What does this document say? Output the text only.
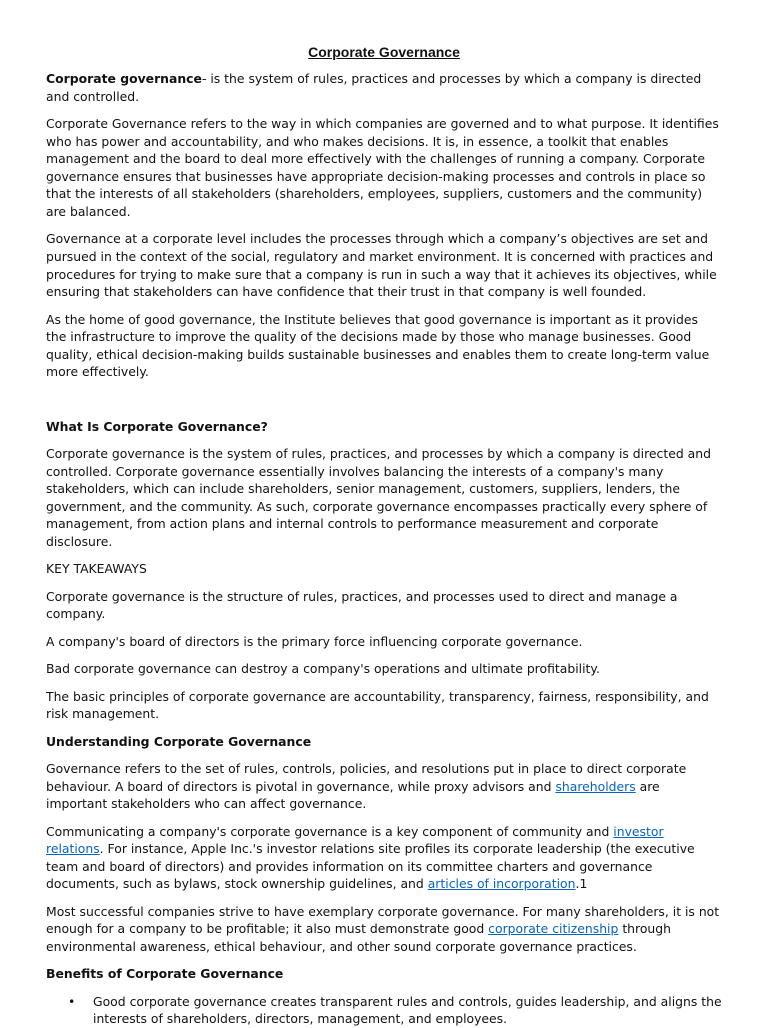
Corporate Governance

Corporate governance- is the system of rules, practices and processes by which a company is directed and controlled.

Corporate Governance refers to the way in which companies are governed and to what purpose. It identifies who has power and accountability, and who makes decisions. It is, in essence, a toolkit that enables management and the board to deal more effectively with the challenges of running a company. Corporate governance ensures that businesses have appropriate decision-making processes and controls in place so that the interests of all stakeholders (shareholders, employees, suppliers, customers and the community) are balanced.

Governance at a corporate level includes the processes through which a company’s objectives are set and pursued in the context of the social, regulatory and market environment. It is concerned with practices and procedures for trying to make sure that a company is run in such a way that it achieves its objectives, while ensuring that stakeholders can have confidence that their trust in that company is well founded.

As the home of good governance, the Institute believes that good governance is important as it provides the infrastructure to improve the quality of the decisions made by those who manage businesses. Good quality, ethical decision-making builds sustainable businesses and enables them to create long-term value more effectively.

What Is Corporate Governance?

Corporate governance is the system of rules, practices, and processes by which a company is directed and controlled. Corporate governance essentially involves balancing the interests of a company's many stakeholders, which can include shareholders, senior management, customers, suppliers, lenders, the government, and the community. As such, corporate governance encompasses practically every sphere of management, from action plans and internal controls to performance measurement and corporate disclosure.

KEY TAKEAWAYS

Corporate governance is the structure of rules, practices, and processes used to direct and manage a company.

A company's board of directors is the primary force influencing corporate governance.

Bad corporate governance can destroy a company's operations and ultimate profitability.

The basic principles of corporate governance are accountability, transparency, fairness, responsibility, and risk management.

Understanding Corporate Governance

Governance refers to the set of rules, controls, policies, and resolutions put in place to direct corporate behaviour. A board of directors is pivotal in governance, while proxy advisors and shareholders are important stakeholders who can affect governance.

Communicating a company's corporate governance is a key component of community and investor relations. For instance, Apple Inc.'s investor relations site profiles its corporate leadership (the executive team and board of directors) and provides information on its committee charters and governance documents, such as bylaws, stock ownership guidelines, and articles of incorporation.1

Most successful companies strive to have exemplary corporate governance. For many shareholders, it is not enough for a company to be profitable; it also must demonstrate good corporate citizenship through environmental awareness, ethical behaviour, and other sound corporate governance practices.

Benefits of Corporate Governance

• Good corporate governance creates transparent rules and controls, guides leadership, and aligns the interests of shareholders, directors, management, and employees.
